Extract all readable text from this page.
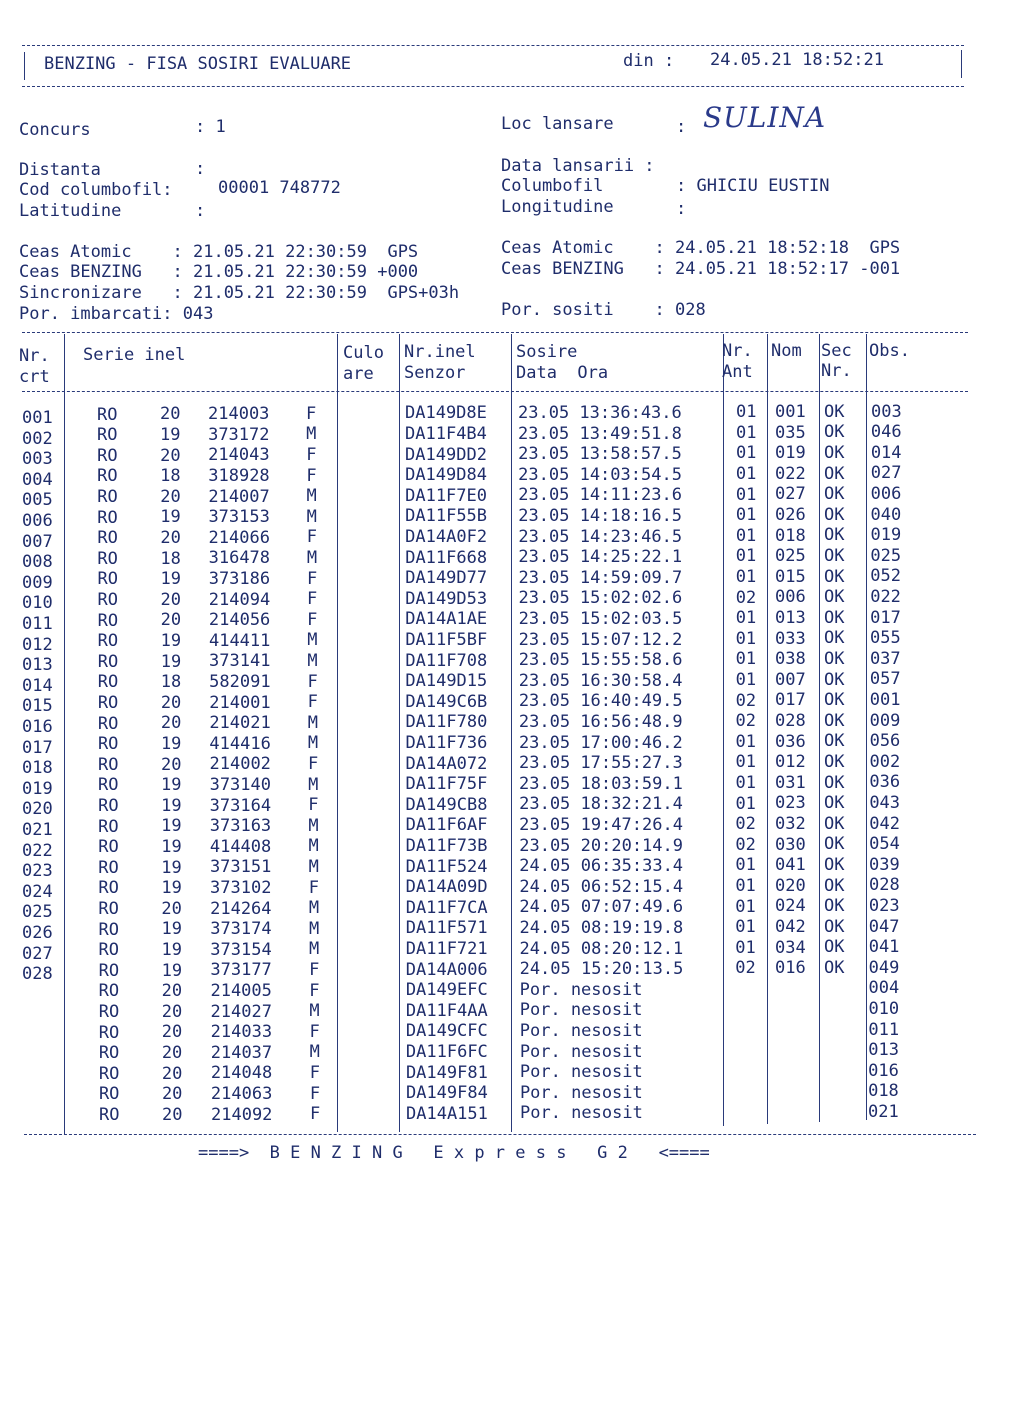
BENZING - FISA SOSIRI EVALUARE	din : 24.05.21 18:52:21
Concurs	: 1	Loc lansare	: SULINA
Distanta	:	Data lansarii :
Cod columbofil:	00001 748772	Columbofil	: GHICIU EUSTIN
Latitudine	:	Longitudine	:
Ceas Atomic    : 21.05.21 22:30:59  GPS
Ceas BENZING   : 21.05.21 22:30:59 +000
Sincronizare   : 21.05.21 22:30:59  GPS+03h
Por. imbarcati: 043
Ceas Atomic    : 24.05.21 18:52:18  GPS
Ceas BENZING   : 24.05.21 18:52:17 -001
Por. sositi    : 028
Nr.
crt
Serie inel	Culo
are
Nr.inel
Senzor
Sosire
Data  Ora
Nr.
Ant
Nom Sec
Nr.
Obs.
001	RO	20 214003 F	DA149D8E 23.05 13:36:43.6	01 001 OK 003
002	RO	19 373172 M	DA11F4B4 23.05 13:49:51.8	01 035 OK 046
003	RO	20 214043 F	DA149DD2 23.05 13:58:57.5	01 019 OK 014
004	RO	18 318928 F	DA149D84 23.05 14:03:54.5	01 022 OK 027
005	RO	20 214007 M	DA11F7E0 23.05 14:11:23.6	01 027 OK 006
006	RO	19 373153 M	DA11F55B 23.05 14:18:16.5	01 026 OK 040
007	RO	20 214066 F	DA14A0F2 23.05 14:23:46.5	01 018 OK 019
008	RO	18 316478 M	DA11F668 23.05 14:25:22.1	01 025 OK 025
009	RO	19 373186 F	DA149D77 23.05 14:59:09.7	01 015 OK 052
010	RO	20 214094 F	DA149D53 23.05 15:02:02.6	02 006 OK 022
011	RO	20 214056 F	DA14A1AE 23.05 15:02:03.5	01 013 OK 017
012	RO	19 414411 M	DA11F5BF 23.05 15:07:12.2	01 033 OK 055
013	RO	19 373141 M	DA11F708 23.05 15:55:58.6	01 038 OK 037
014	RO	18 582091 F	DA149D15 23.05 16:30:58.4	01 007 OK 057
015	RO	20 214001 F	DA149C6B 23.05 16:40:49.5	02 017 OK 001
016	RO	20 214021 M	DA11F780 23.05 16:56:48.9	02 028 OK 009
017	RO	19 414416 M	DA11F736 23.05 17:00:46.2	01 036 OK 056
018	RO	20 214002 F	DA14A072 23.05 17:55:27.3	01 012 OK 002
019	RO	19 373140 M	DA11F75F 23.05 18:03:59.1	01 031 OK 036
020	RO	19 373164 F	DA149CB8 23.05 18:32:21.4	01 023 OK 043
021	RO	19 373163 M	DA11F6AF 23.05 19:47:26.4	02 032 OK 042
022	RO	19 414408 M	DA11F73B 23.05 20:20:14.9	02 030 OK 054
023	RO	19 373151 M	DA11F524 24.05 06:35:33.4	01 041 OK 039
024	RO	19 373102 F	DA14A09D 24.05 06:52:15.4	01 020 OK 028
025	RO	20 214264 M	DA11F7CA 24.05 07:07:49.6	01 024 OK 023
026	RO	19 373174 M	DA11F571 24.05 08:19:19.8	01 042 OK 047
027	RO	19 373154 M	DA11F721 24.05 08:20:12.1	01 034 OK 041
028	RO	19 373177 F	DA14A006 24.05 15:20:13.5	02 016 OK 049
RO	20 214005 F	DA149EFC Por. nesosit	004
RO	20 214027 M	DA11F4AA Por. nesosit	010
RO	20 214033 F	DA149CFC Por. nesosit	011
RO	20 214037 M	DA11F6FC Por. nesosit	013
RO	20 214048 F	DA149F81 Por. nesosit	016
RO	20 214063 F	DA149F84 Por. nesosit	018
RO	20 214092 F	DA14A151 Por. nesosit	021
====>  B E N Z I N G   E x p r e s s   G 2   <====
